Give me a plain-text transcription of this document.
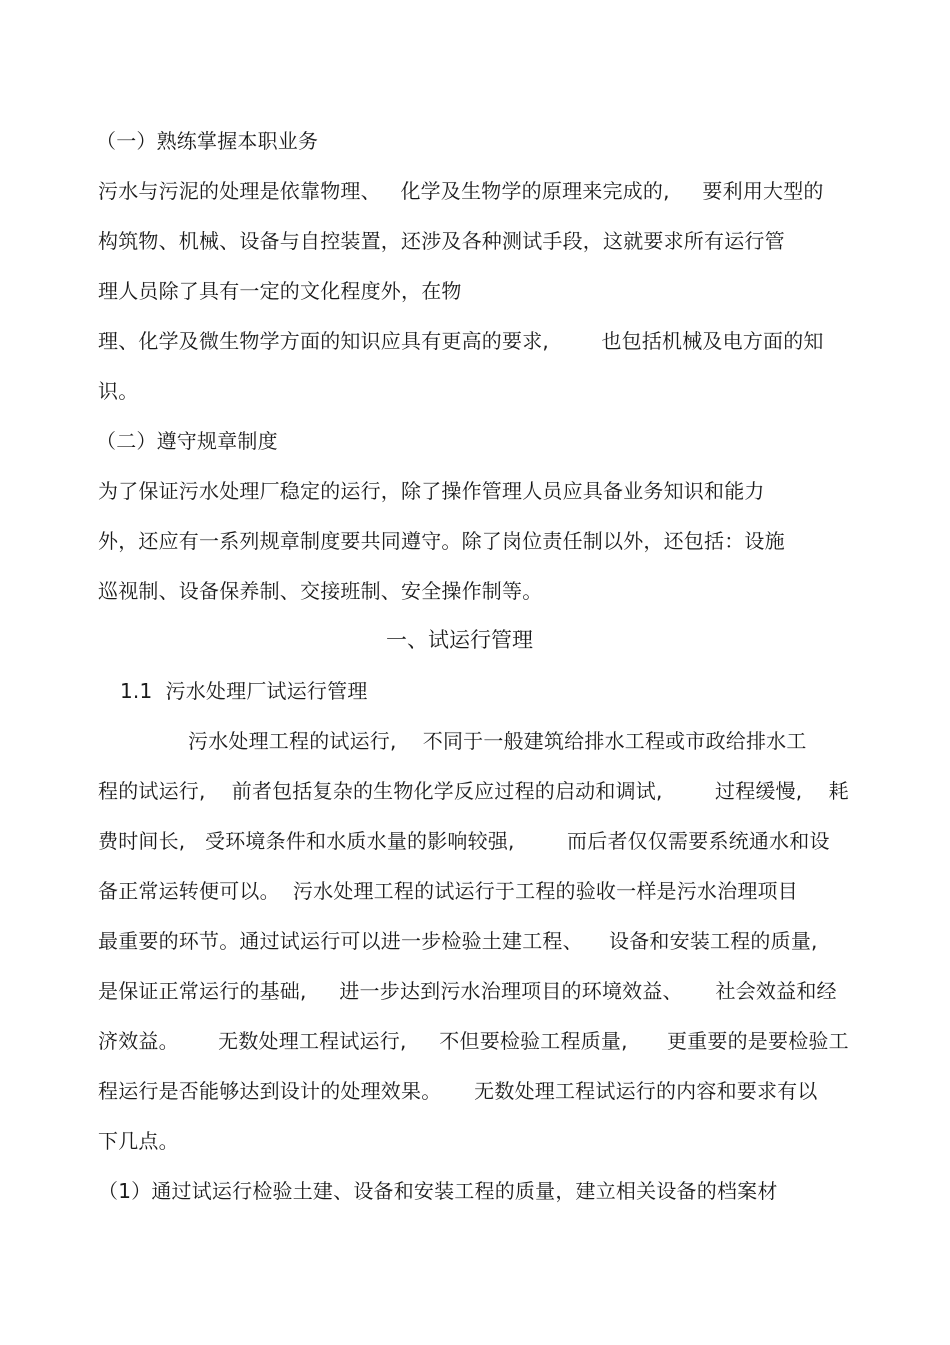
（一）熟练掌握本职业务
污水与污泥的处理是依靠物理、   化学及生物学的原理来完成的,     要利用大型的
构筑物、机械、设备与自控装置，还涉及各种测试手段，这就要求所有运行管
理人员除了具有一定的文化程度外，在物
理、化学及微生物学方面的知识应具有更高的要求,        也包括机械及电方面的知
识。
（二）遵守规章制度
为了保证污水处理厂稳定的运行，除了操作管理人员应具备业务知识和能力
外，还应有一系列规章制度要共同遵守。除了岗位责任制以外，还包括：设施
巡视制、设备保养制、交接班制、安全操作制等。
一、试运行管理
1.1  污水处理厂试运行管理
污水处理工程的试运行,    不同于一般建筑给排水工程或市政给排水工
程的试运行,    前者包括复杂的生物化学反应过程的启动和调试,        过程缓慢,    耗
费时间长,   受环境条件和水质水量的影响较强,        而后者仅仅需要系统通水和设
备正常运转便可以。  污水处理工程的试运行于工程的验收一样是污水治理项目
最重要的环节。通过试运行可以进一步检验土建工程、    设备和安装工程的质量,
是保证正常运行的基础,     进一步达到污水治理项目的环境效益、     社会效益和经
济效益。      无数处理工程试运行,     不但要检验工程质量,      更重要的是要检验工
程运行是否能够达到设计的处理效果。     无数处理工程试运行的内容和要求有以
下几点。
（1）通过试运行检验土建、设备和安装工程的质量，建立相关设备的档案材
